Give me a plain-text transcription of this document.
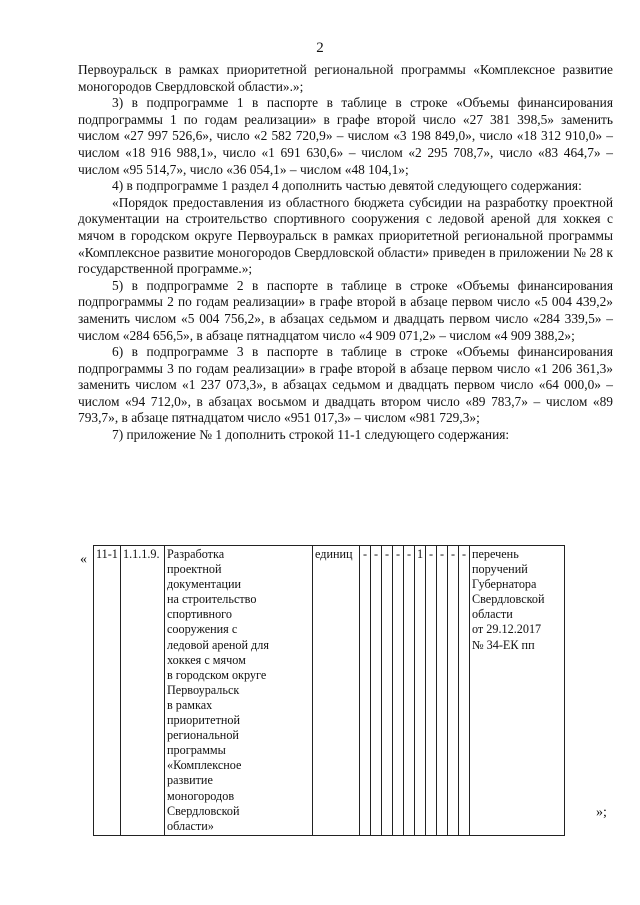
2

Первоуральск в рамках приоритетной региональной программы «Комплексное развитие моногородов Свердловской области».»;

3) в подпрограмме 1 в паспорте в таблице в строке «Объемы финансирования подпрограммы 1 по годам реализации» в графе второй число «27 381 398,5» заменить числом «27 997 526,6», число «2 582 720,9» – числом «3 198 849,0», число «18 312 910,0» – числом «18 916 988,1», число «1 691 630,6» – числом «2 295 708,7», число «83 464,7» – числом «95 514,7», число «36 054,1» – числом «48 104,1»;

4) в подпрограмме 1 раздел 4 дополнить частью девятой следующего содержания:

«Порядок предоставления из областного бюджета субсидии на разработку проектной документации на строительство спортивного сооружения с ледовой ареной для хоккея с мячом в городском округе Первоуральск в рамках приоритетной региональной программы «Комплексное развитие моногородов Свердловской области» приведен в приложении № 28 к государственной программе.»;

5) в подпрограмме 2 в паспорте в таблице в строке «Объемы финансирования подпрограммы 2 по годам реализации» в графе второй в абзаце первом число «5 004 439,2» заменить числом «5 004 756,2», в абзацах седьмом и двадцать первом число «284 339,5» – числом «284 656,5», в абзаце пятнадцатом число «4 909 071,2» – числом «4 909 388,2»;

6) в подпрограмме 3 в паспорте в таблице в строке «Объемы финансирования подпрограммы 3 по годам реализации» в графе второй в абзаце первом число «1 206 361,3» заменить числом «1 237 073,3», в абзацах седьмом и двадцать первом число «64 000,0» – числом «94 712,0», в абзацах восьмом и двадцать втором число «89 783,7» – числом «89 793,7», в абзаце пятнадцатом число «951 017,3» – числом «981 729,3»;

7) приложение № 1 дополнить строкой 11-1 следующего содержания:

« 11-1	1.1.1.9.	Разработка
проектной
документации
на строительство
спортивного
сооружения с
ледовой ареной для
хоккея с мячом
в городском округе
Первоуральск
в рамках
приоритетной
региональной
программы
«Комплексное
развитие
моногородов
Свердловской
области»
	единиц	-	-	-	-	-	1	-	-	-	-	перечень
поручений
Губернатора
Свердловской
области
от 29.12.2017
№ 34-ЕК пп
»;
